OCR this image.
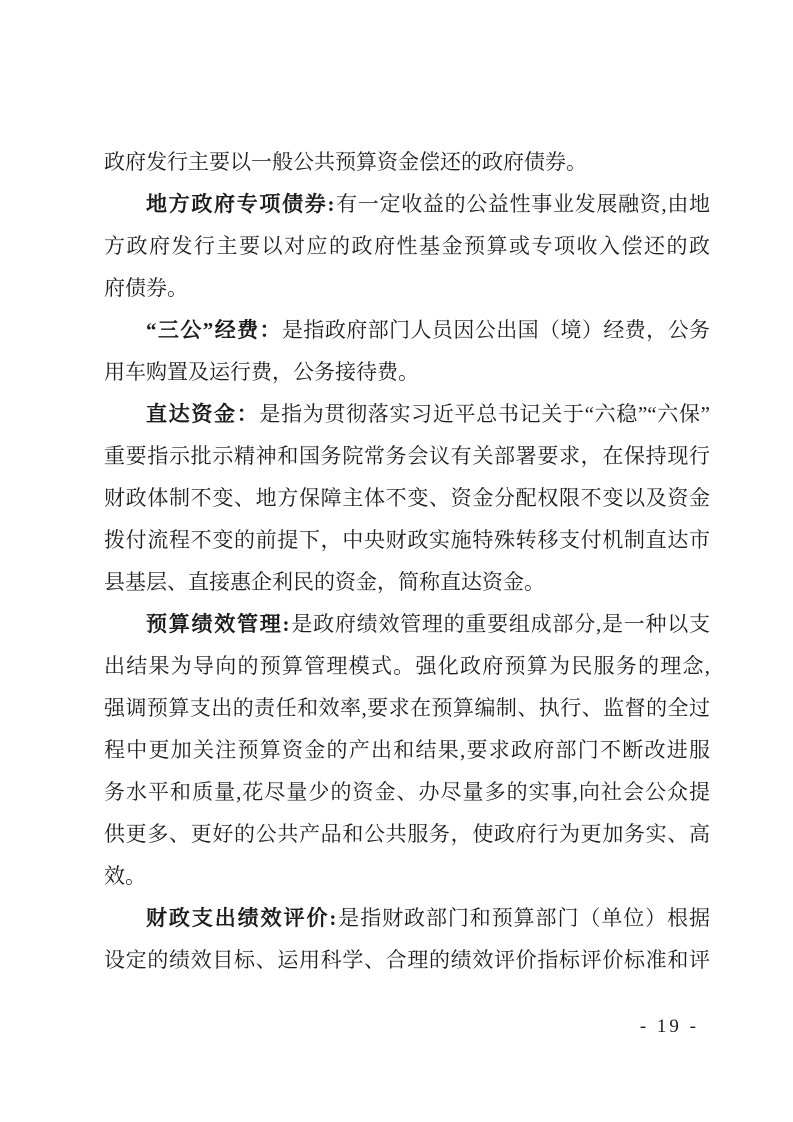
政府发行主要以一般公共预算资金偿还的政府债券。
地方政府专项债券:有一定收益的公益性事业发展融资,由地
方政府发行主要以对应的政府性基金预算或专项收入偿还的政
府债券。
“三公”经费：是指政府部门人员因公出国（境）经费，公务
用车购置及运行费，公务接待费。
直达资金：是指为贯彻落实习近平总书记关于“六稳”“六保”
重要指示批示精神和国务院常务会议有关部署要求，在保持现行
财政体制不变、地方保障主体不变、资金分配权限不变以及资金
拨付流程不变的前提下，中央财政实施特殊转移支付机制直达市
县基层、直接惠企利民的资金，简称直达资金。
预算绩效管理:是政府绩效管理的重要组成部分,是一种以支
出结果为导向的预算管理模式。强化政府预算为民服务的理念,
强调预算支出的责任和效率,要求在预算编制、执行、监督的全过
程中更加关注预算资金的产出和结果,要求政府部门不断改进服
务水平和质量,花尽量少的资金、办尽量多的实事,向社会公众提
供更多、更好的公共产品和公共服务，使政府行为更加务实、高
效。
财政支出绩效评价:是指财政部门和预算部门（单位）根据
设定的绩效目标、运用科学、合理的绩效评价指标评价标准和评
- 19 -
